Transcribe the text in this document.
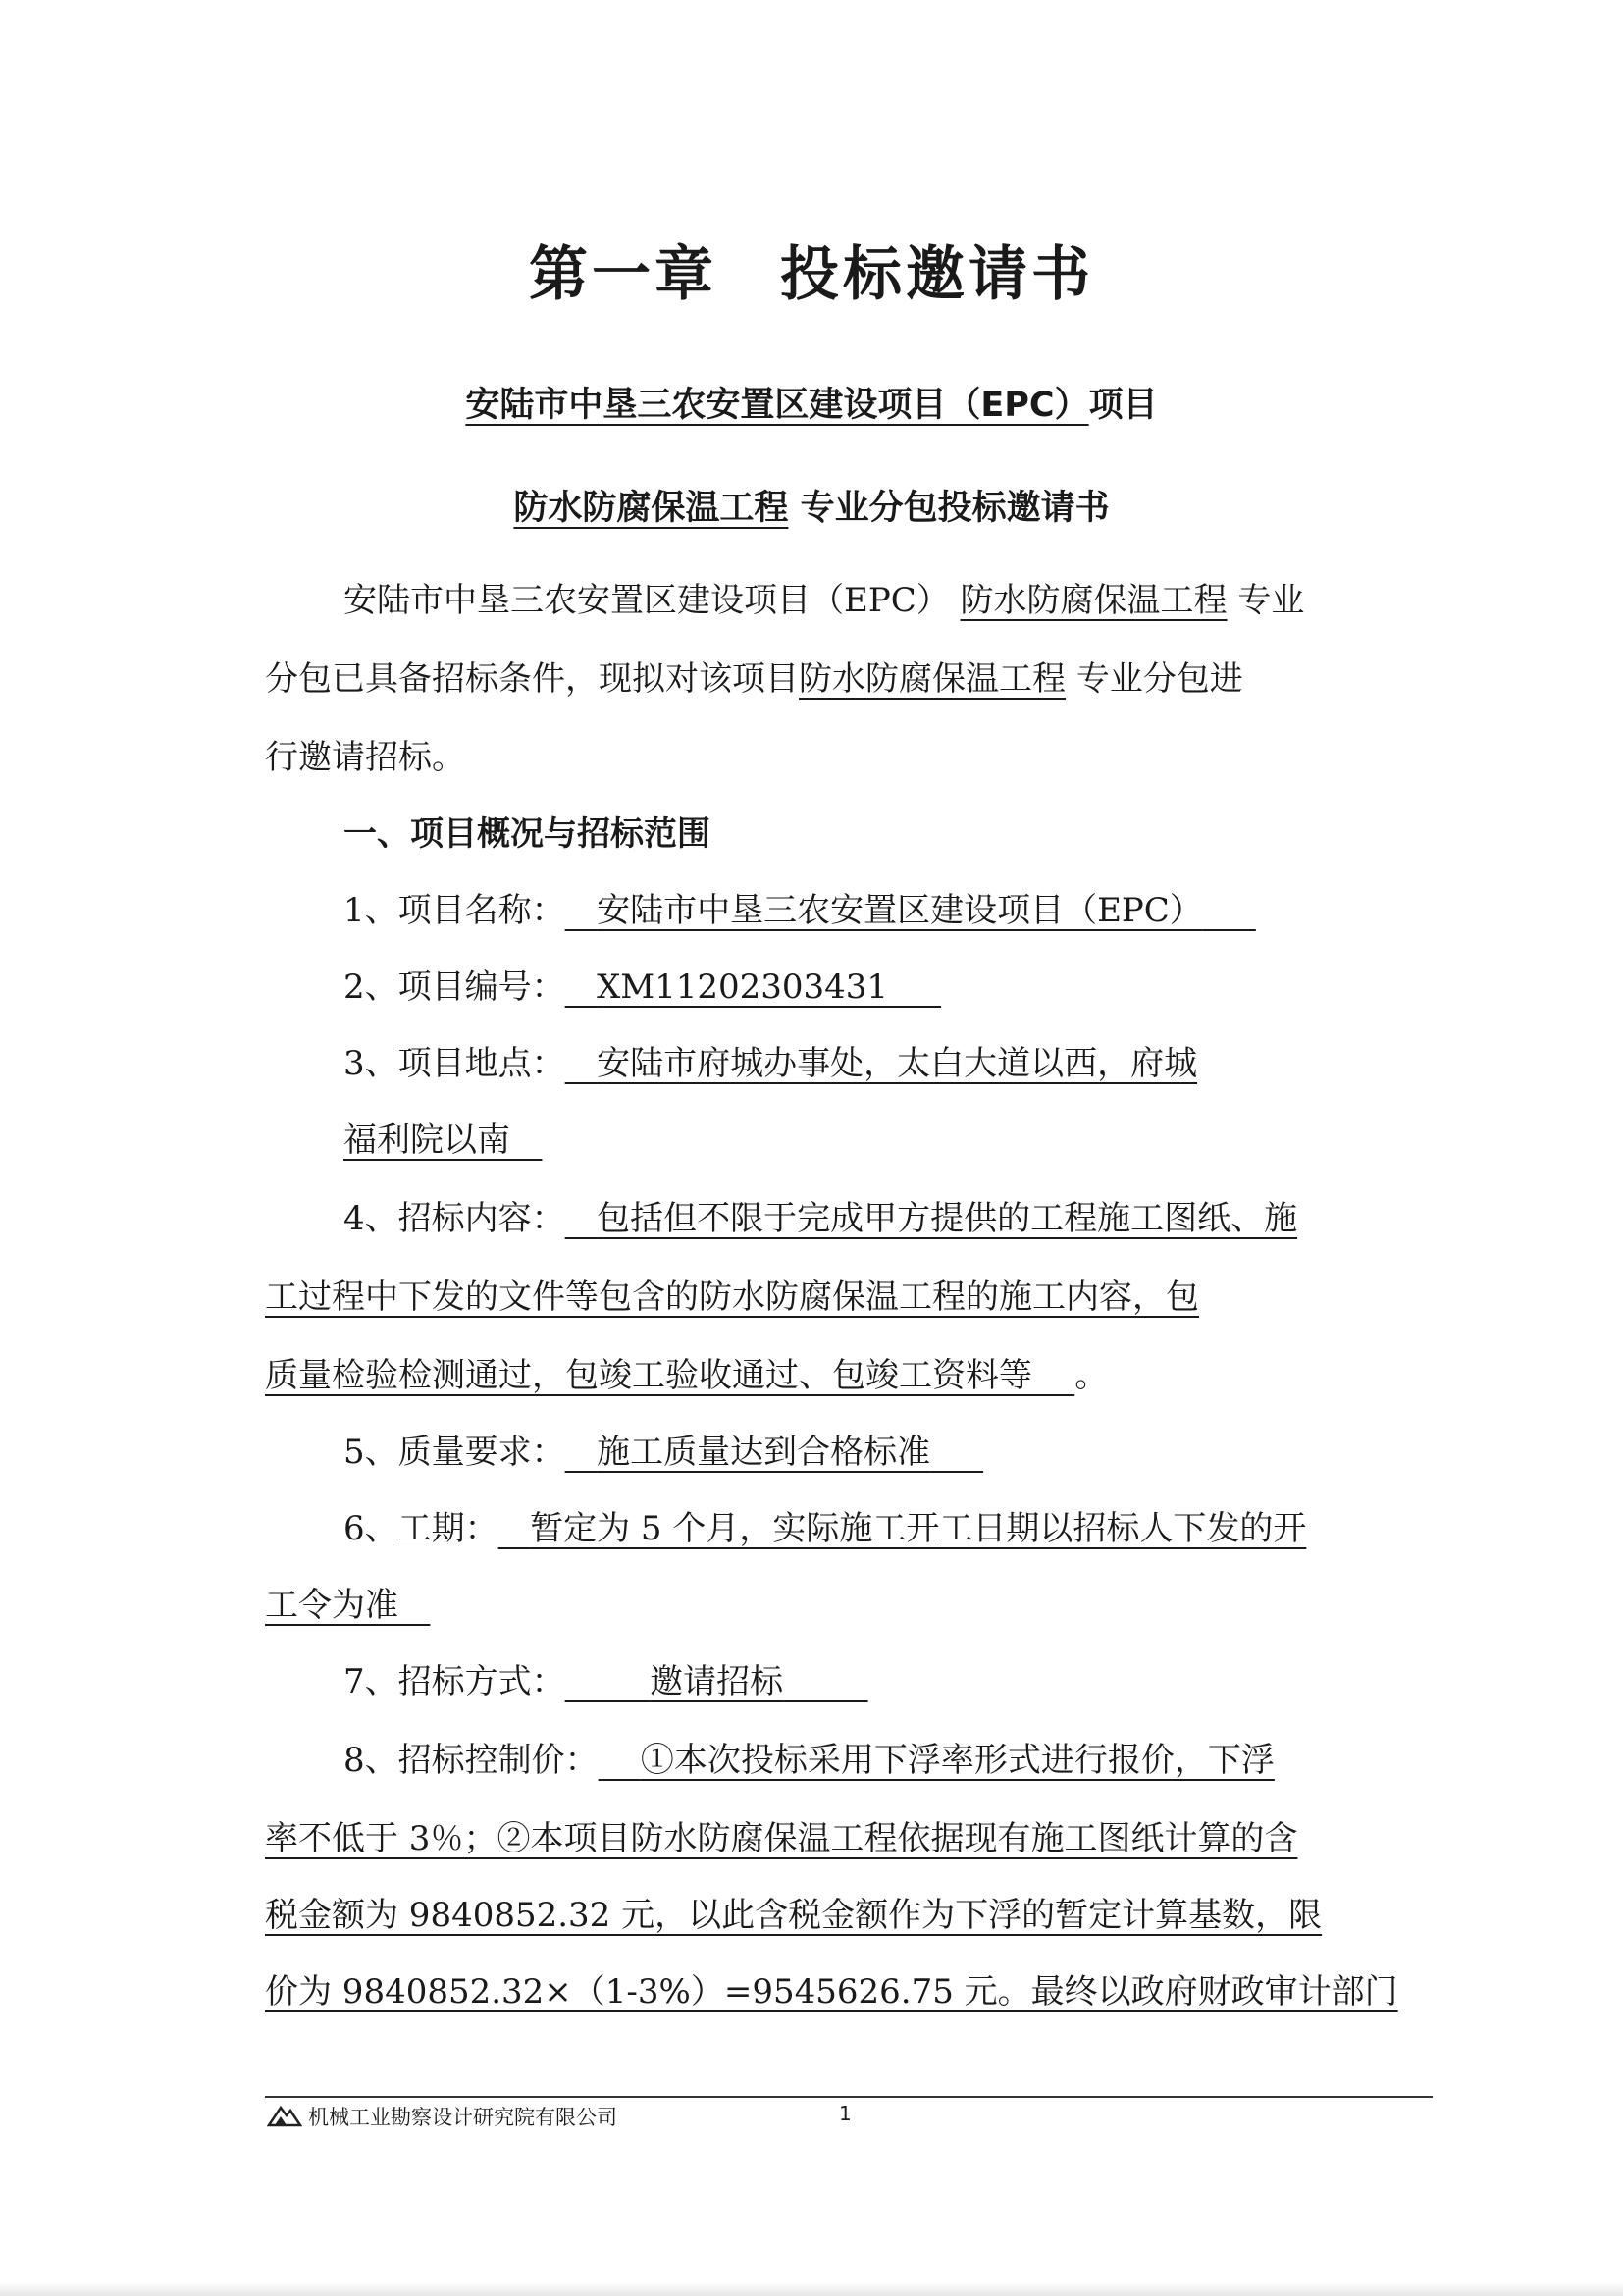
第一章　投标邀请书
安陆市中垦三农安置区建设项目（EPC）项目
防水防腐保温工程 专业分包投标邀请书
安陆市中垦三农安置区建设项目（EPC） 防水防腐保温工程 专业
分包已具备招标条件，现拟对该项目防水防腐保温工程 专业分包进
行邀请招标。
一、项目概况与招标范围
1、项目名称： 安陆市中垦三农安置区建设项目（EPC）
2、项目编号： XM11202303431
3、项目地点： 安陆市府城办事处，太白大道以西，府城
福利院以南
4、招标内容： 包括但不限于完成甲方提供的工程施工图纸、施
工过程中下发的文件等包含的防水防腐保温工程的施工内容，包
质量检验检测通过，包竣工验收通过、包竣工资料等 。
5、质量要求： 施工质量达到合格标准
6、工期： 暂定为 5 个月，实际施工开工日期以招标人下发的开
工令为准
7、招标方式：	邀请招标
8、招标控制价： ①本次投标采用下浮率形式进行报价，下浮
率不低于 3％；②本项目防水防腐保温工程依据现有施工图纸计算的含
税金额为 9840852.32 元，以此含税金额作为下浮的暂定计算基数，限
价为 9840852.32×（1-3%）=9545626.75 元。最终以政府财政审计部门
机械工业勘察设计研究院有限公司	1
